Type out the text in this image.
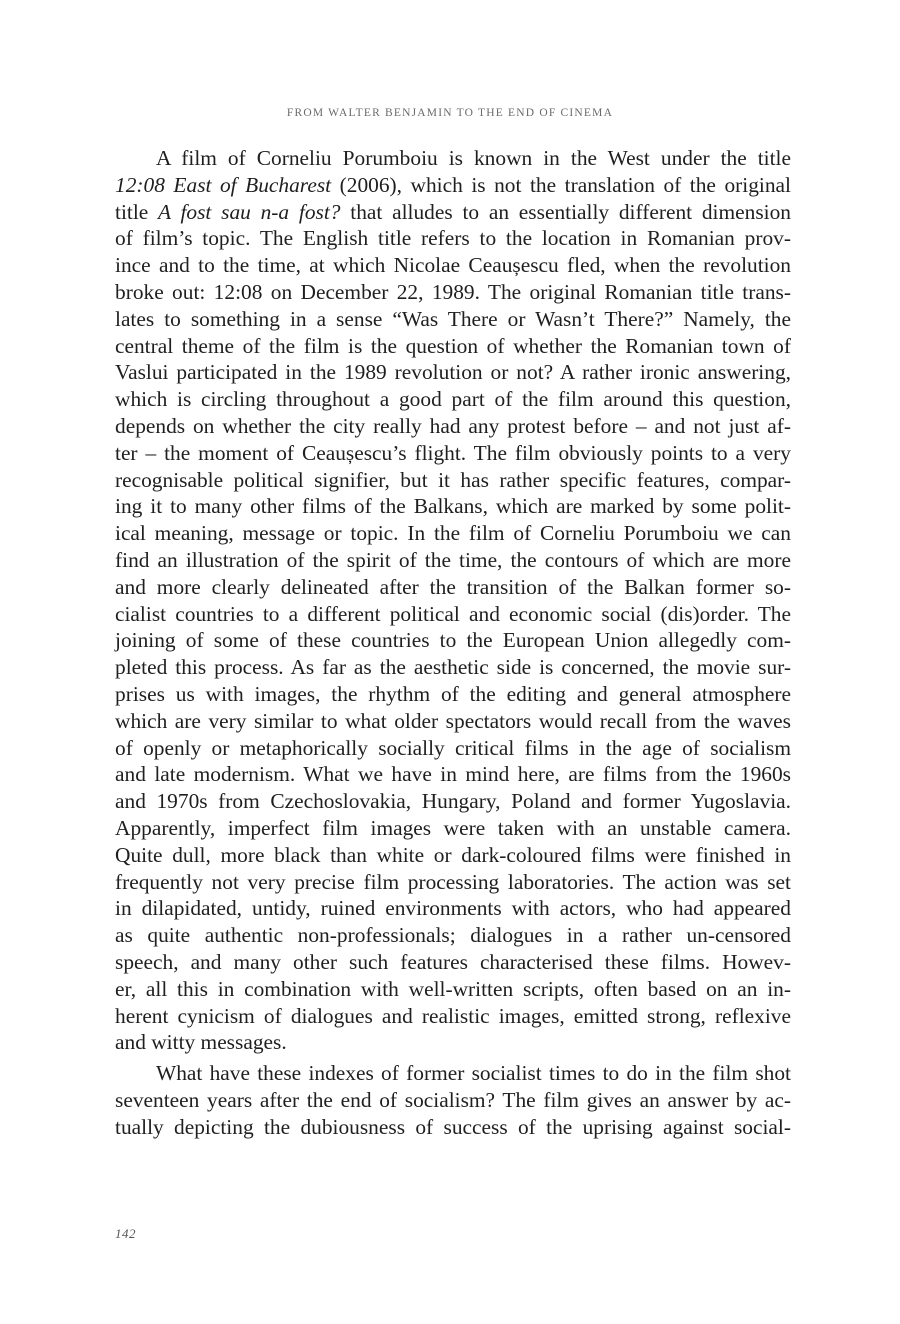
FROM WALTER BENJAMIN TO THE END OF CINEMA
A film of Corneliu Porumboiu is known in the West under the title
12:08 East of Bucharest (2006), which is not the translation of the original
title A fost sau n-a fost? that alludes to an essentially different dimension
of film’s topic. The English title refers to the location in Romanian prov-
ince and to the time, at which Nicolae Ceaușescu fled, when the revolution
broke out: 12:08 on December 22, 1989. The original Romanian title trans-
lates to something in a sense “Was There or Wasn’t There?” Namely, the
central theme of the film is the question of whether the Romanian town of
Vaslui participated in the 1989 revolution or not? A rather ironic answering,
which is circling throughout a good part of the film around this question,
depends on whether the city really had any protest before – and not just af-
ter – the moment of Ceaușescu’s flight. The film obviously points to a very
recognisable political signifier, but it has rather specific features, compar-
ing it to many other films of the Balkans, which are marked by some polit-
ical meaning, message or topic. In the film of Corneliu Porumboiu we can
find an illustration of the spirit of the time, the contours of which are more
and more clearly delineated after the transition of the Balkan former so-
cialist countries to a different political and economic social (dis)order. The
joining of some of these countries to the European Union allegedly com-
pleted this process. As far as the aesthetic side is concerned, the movie sur-
prises us with images, the rhythm of the editing and general atmosphere
which are very similar to what older spectators would recall from the waves
of openly or metaphorically socially critical films in the age of socialism
and late modernism. What we have in mind here, are films from the 1960s
and 1970s from Czechoslovakia, Hungary, Poland and former Yugoslavia.
Apparently, imperfect film images were taken with an unstable camera.
Quite dull, more black than white or dark-coloured films were finished in
frequently not very precise film processing laboratories. The action was set
in dilapidated, untidy, ruined environments with actors, who had appeared
as quite authentic non-professionals; dialogues in a rather un-censored
speech, and many other such features characterised these films. Howev-
er, all this in combination with well-written scripts, often based on an in-
herent cynicism of dialogues and realistic images, emitted strong, reflexive
and witty messages.
What have these indexes of former socialist times to do in the film shot
seventeen years after the end of socialism? The film gives an answer by ac-
tually depicting the dubiousness of success of the uprising against social-
142
